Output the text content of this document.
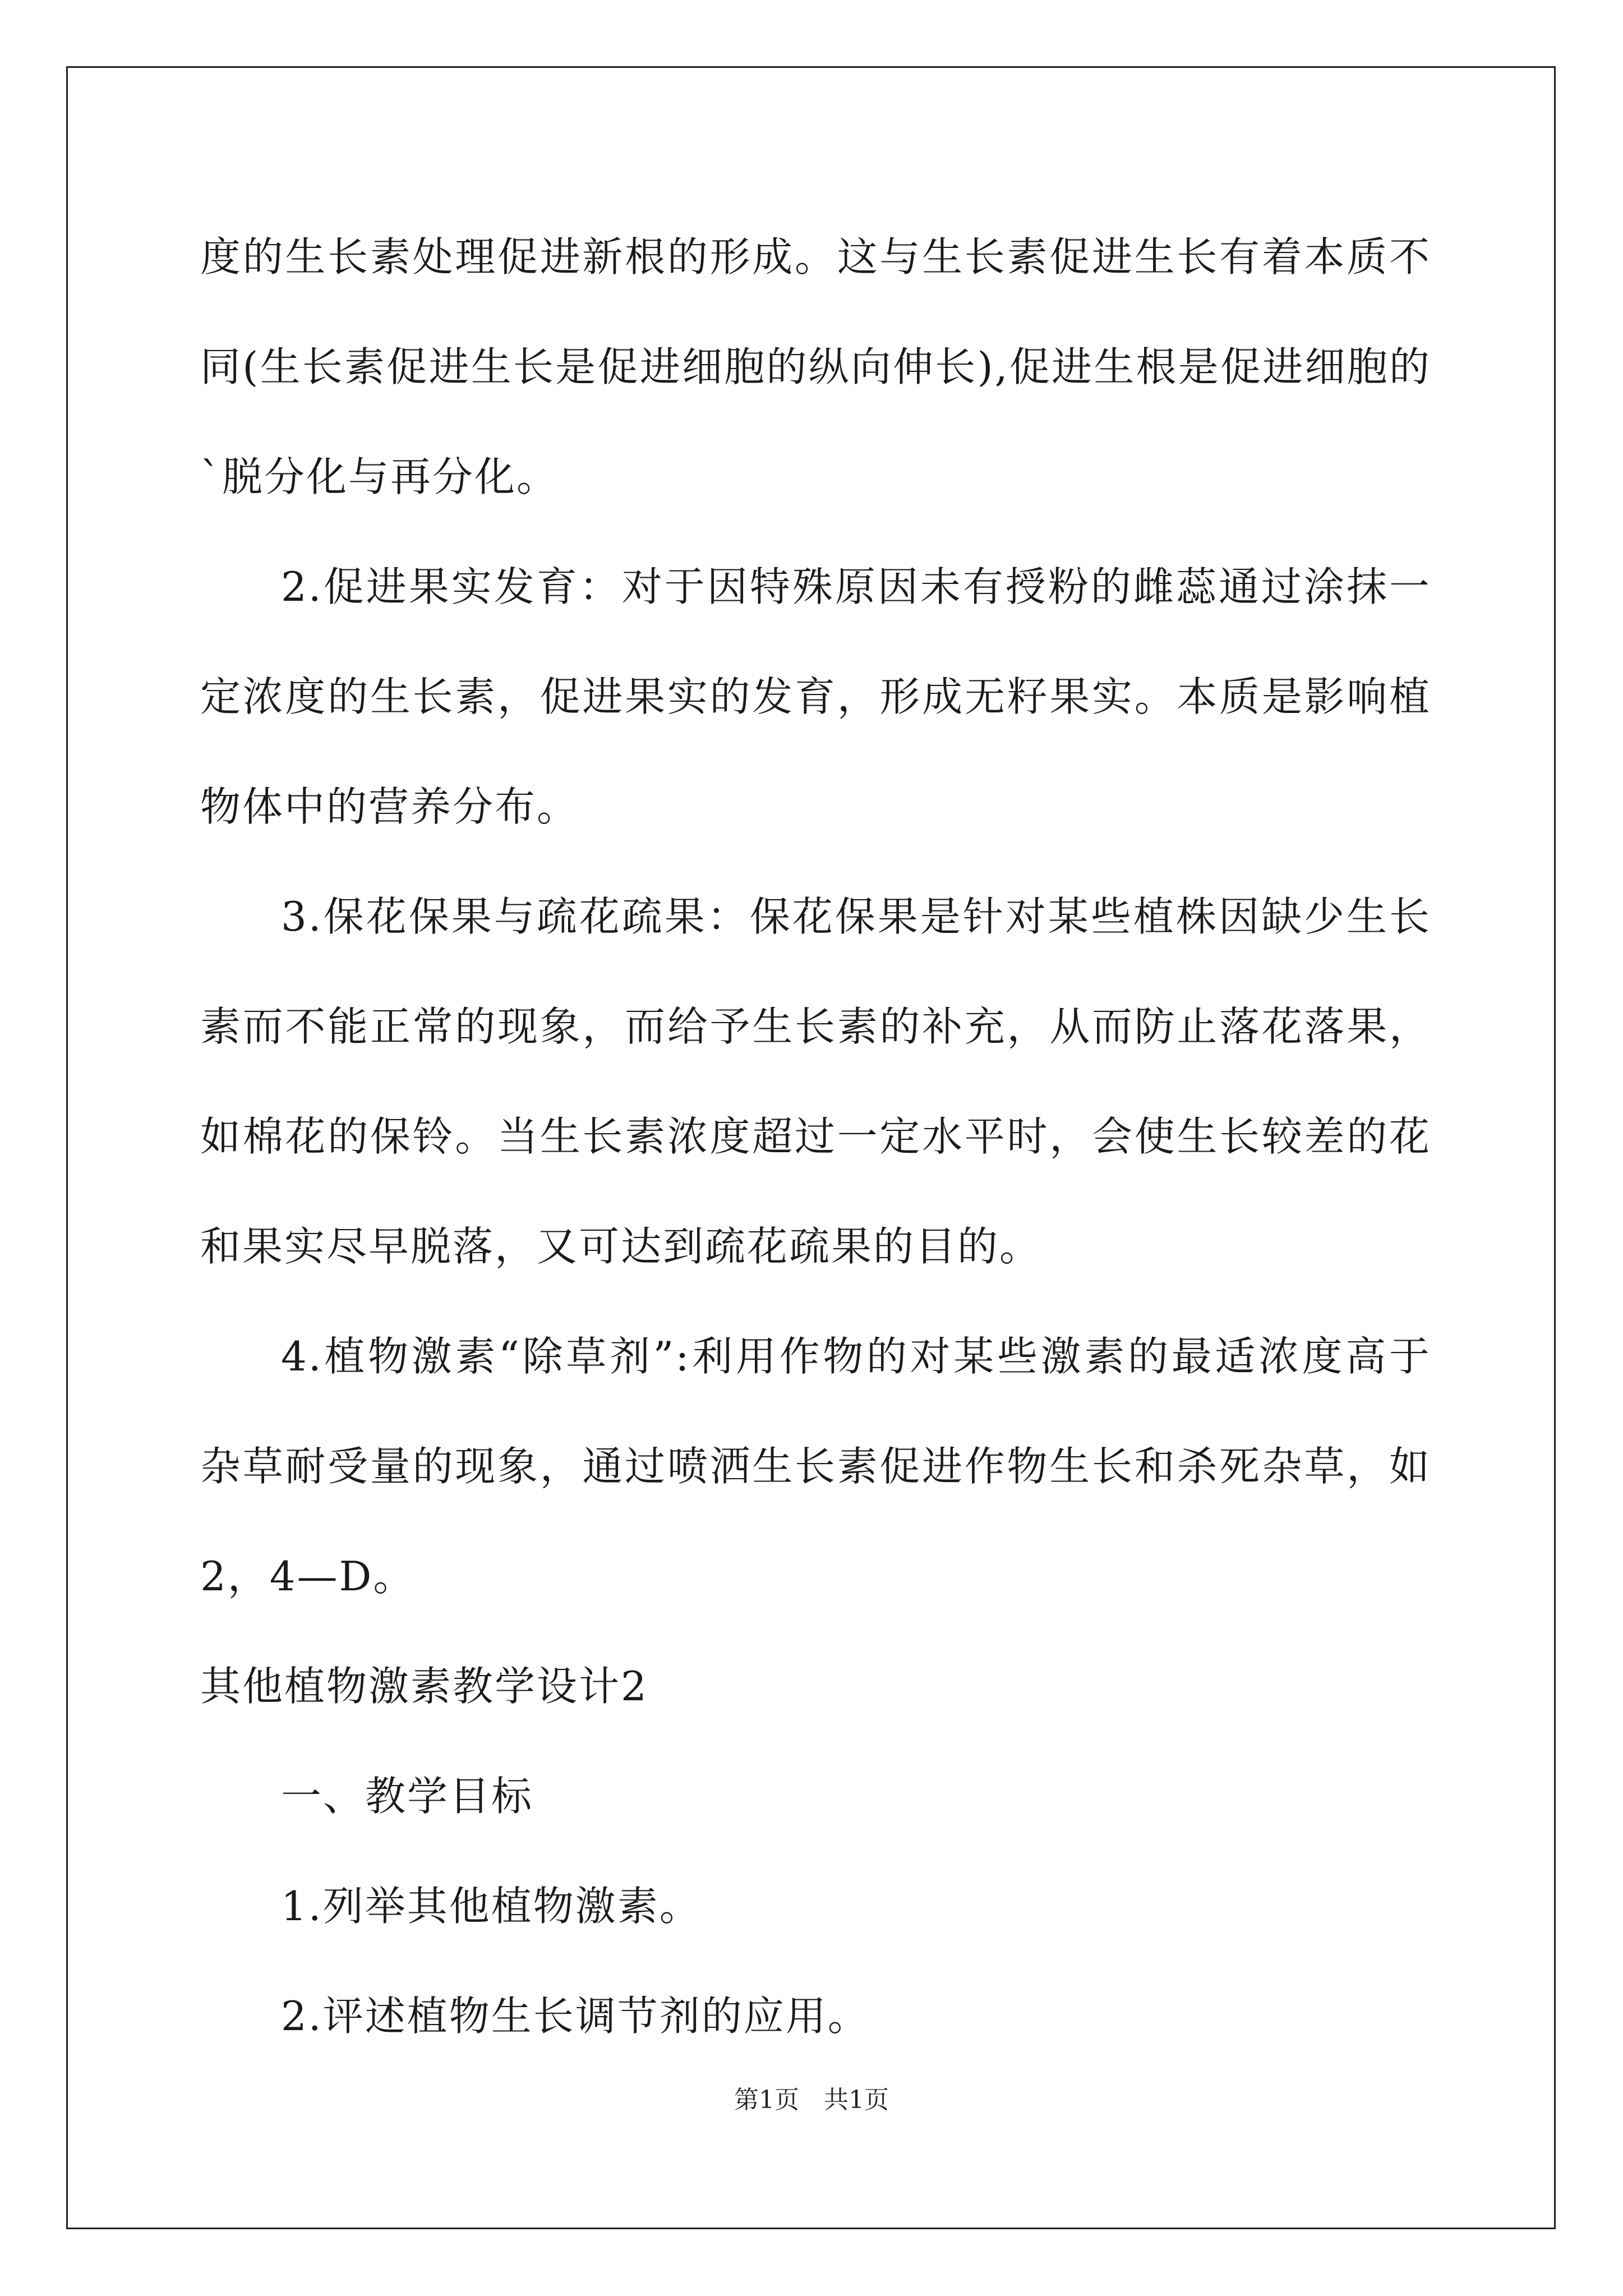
度的生长素处理促进新根的形成。这与生长素促进生长有着本质不同(生长素促进生长是促进细胞的纵向伸长),促进生根是促进细胞的`脱分化与再分化。

2.促进果实发育：对于因特殊原因未有授粉的雌蕊通过涂抹一定浓度的生长素，促进果实的发育，形成无籽果实。本质是影响植物体中的营养分布。

3.保花保果与疏花疏果：保花保果是针对某些植株因缺少生长素而不能正常的现象，而给予生长素的补充，从而防止落花落果，如棉花的保铃。当生长素浓度超过一定水平时，会使生长较差的花和果实尽早脱落，又可达到疏花疏果的目的。

4.植物激素“除草剂”:利用作物的对某些激素的最适浓度高于杂草耐受量的现象，通过喷洒生长素促进作物生长和杀死杂草，如2，4—D。

其他植物激素教学设计2

一、教学目标

1.列举其他植物激素。

2.评述植物生长调节剂的应用。

第1页　共1页
